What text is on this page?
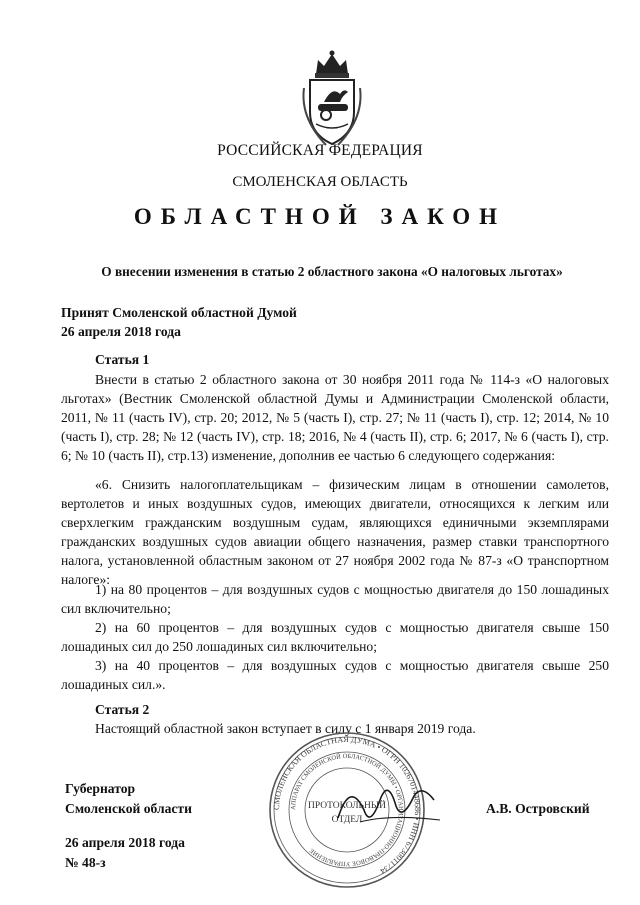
РОССИЙСКАЯ ФЕДЕРАЦИЯ
СМОЛЕНСКАЯ ОБЛАСТЬ
ОБЛАСТНОЙ ЗАКОН
О внесении изменения в статью 2 областного закона «О налоговых льготах»
Принят Смоленской областной Думой
26 апреля 2018 года
Статья 1
Внести в статью 2 областного закона от 30 ноября 2011 года № 114-з «О налоговых льготах» (Вестник Смоленской областной Думы и Администрации Смоленской области, 2011, № 11 (часть IV), стр. 20; 2012, № 5 (часть I), стр. 27; № 11 (часть I), стр. 12; 2014, № 10 (часть I), стр. 28; № 12 (часть IV), стр. 18; 2016, № 4 (часть II), стр. 6; 2017, № 6 (часть I), стр. 6; № 10 (часть II), стр.13) изменение, дополнив ее частью 6 следующего содержания:
«6. Снизить налогоплательщикам – физическим лицам в отношении самолетов, вертолетов и иных воздушных судов, имеющих двигатели, относящихся к легким или сверхлегким гражданским воздушным судам, являющихся единичными экземплярами гражданских воздушных судов авиации общего назначения, размер ставки транспортного налога, установленной областным законом от 27 ноября 2002 года № 87-з «О транспортном налоге»:
1) на 80 процентов – для воздушных судов с мощностью двигателя до 150 лошадиных сил включительно;
2) на 60 процентов – для воздушных судов с мощностью двигателя свыше 150 лошадиных сил до 250 лошадиных сил включительно;
3) на 40 процентов – для воздушных судов с мощностью двигателя свыше 250 лошадиных сил.».
Статья 2
Настоящий областной закон вступает в силу с 1 января 2019 года.
СМОЛЕНСКАЯ ОБЛАСТНАЯ ДУМА • ОГРН 1026701448686 • ИНН 6730011734
АППАРАТ СМОЛЕНСКОЙ ОБЛАСТНОЙ ДУМЫ • ОРГАНИЗАЦИОННО-ПРАВОВОЕ УПРАВЛЕНИЕ
ПРОТОКОЛЬНЫЙ
ОТДЕЛ
Губернатор
Смоленской области	А.В. Островский
26 апреля 2018 года
№ 48-з
